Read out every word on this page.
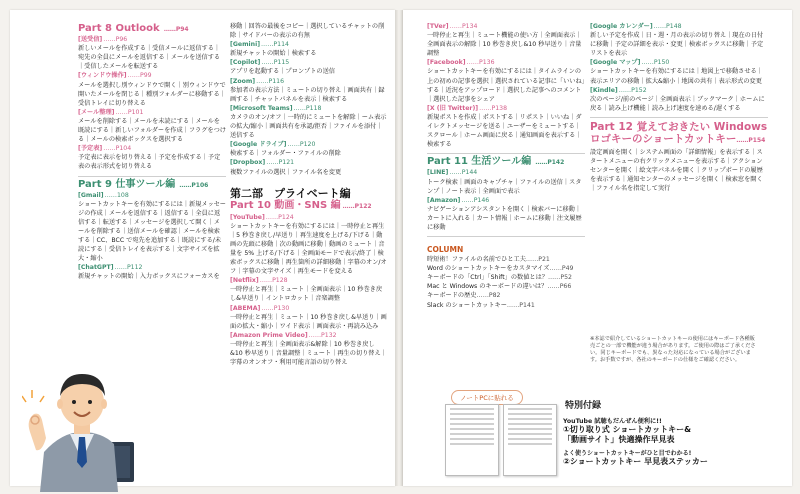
Part 8 Outlook ……P94
[送受信]……P96
新しいメールを作成する｜受信メールに返信する｜宛先の全員にメールを返信する｜メールを送信する｜受信したメールを転送する
[ウィンドウ操作]……P99
メールを選択し別ウィンドウで開く｜別ウィンドウで開いたメールを閉じる｜種別フォルダーに移動する｜受信トレイに切り替える
[メール整理]……P101
メールを削除する｜メールを未読にする｜メールを既読にする｜新しいフォルダーを作成｜フラグをつける｜メールの検索ボックスを選択する
[予定表]……P104
予定表に表示を切り替える｜予定を作成する｜予定表の表示形式を切り替える
Part 9 仕事ツール編 ……P106
[Gmail]……108
ショートカットキーを有効にするには｜新規メッセージの作成｜メールを返信する｜返信する｜全員に返信する｜転送する｜メッセージを選択して開く｜メールを削除する｜送信メールを確認｜メールを検索する｜CC、BCC で宛先を追加する｜既読にする/未読にする｜受信トレイを表示する｜文字サイズを拡大・縮小
[ChatGPT]……P112
新規チャットの開始｜入力ボックスにフォーカスを
移動｜回答の最後をコピー｜選択しているチャットの削除｜サイドバーの表示の有無
[Gemini]……P114
新規チャットの開始｜検索する
[Copilot]……P115
アプリを起動する｜プロンプトの送信
[Zoom]……P116
参加者の表示方法｜ミュートの切り替え｜画面共有｜録画する｜チャットパネルを表示｜検索する
[Microsoft Teams]……P118
カメラのオン/オフ｜一時的にミュートを解除｜ーム表示の拡大/縮小｜画面共有を承認/拒否｜ファイルを添付｜送信する
[Google ドライブ]……P120
検索する｜フォルダー・ファイルの削除
[Dropbox]……P121
複数ファイルの選択｜ファイル名を変更
第二部　プライベート編
Part 10 動画・SNS 編 ……P122
[YouTube]……P124
ショートカットキーを有効にするには｜一時停止と再生｜5 秒巻き戻し/早送り｜再生速度を上げる/下げる｜動画の先頭に移動｜次の動画に移動｜動画のミュート｜音量を 5% 上げる/下げる｜全画面モードで表示/終了｜検索ボックスに移動｜再生箇所の詳細移動｜字幕のオン/オフ｜字幕の文字サイズ｜再生モードを変える
[Netflix]……P128
一時停止と再生｜ミュート｜全画面表示｜10 秒巻き戻し&早送り｜イントロカット｜音楽調整
[ABEMA]……P130
一時停止と再生｜ミュート｜10 秒巻き戻し&早送り｜画面の拡大・縮小｜ワイド表示｜画面表示・再読み込み
[Amazon Prime Video]……P132
一時停止と再生｜全画面表示&解除｜10 秒巻き戻し&10 秒早送り｜音量調整｜ミュート｜再生の切り替え｜字幕のオンオフ・利用可能言語の切り替え
[TVer]……P134
一時停止と再生｜ミュート機能の使い方｜全画面表示｜全画面表示の解除｜10 秒巻き戻し&10 秒早送り｜音量調整
[Facebook]……P136
ショートカットキーを有効にするには｜タイムラインの上の初めの記事を選択｜選択されている記事に「いいね」する｜近況をアップロード｜選択した記事へのコメント｜選択した記事をシェア
[X (旧 Twitter)]……P138
新規ポストを作成｜ポストする｜リポスト｜いいね｜ダイレクトメッセージを送る｜ユーザーをミュートする｜スクロール｜ホーム画面に戻る｜通知画面を表示する｜検索する
Part 11 生活ツール編 ……P142
[LINE]……P144
トーク検索｜画面のキャプチャ｜ファイルの送信｜スタンプ｜ノート表示｜全画面で表示
[Amazon]……P146
ナビゲーションアシスタントを開く｜検索バーに移動｜カートに入れる｜カート情報｜ホームに移動｜注文履歴に移動
COLUMN
時短術！ファイルの名前でひと工夫……P21
Word のショートカットキーをカスタマイズ……P49
キーボードの「Ctrl」「Shift」の数値とは？……P52
Mac と Windows のキーボードの違いは？……P66
キーボードの歴史……P82
Slack のショートカットキー……P141
[Google カレンダー]……P148
新しい予定を作成｜日・週・月の表示の切り替え｜現在の日付に移動｜予定の詳細を表示・変更｜検索ボックスに移動｜予定リストを表示
[Google マップ]……P150
ショートカットキーを有効にするには｜地図上で移動させる｜表示エリアの移動｜拡大&縮小｜地図の共有｜表示形式の変更
[Kindle]……P152
次のページ/前のページ｜全画面表示｜ブックマーク｜ホームに戻る｜読み上げ機能｜読み上げ速度を速める/遅くする
Part 12 覚えておきたい Windows ロゴキーのショートカットキー……P154
設定画面を開く｜システム画面の「詳細情報」を表示する｜スタートメニューの右クリックメニューを表示する｜アクションセンターを開く｜絵文字パネルを開く｜クリップボードの履歴を表示する｜通知センターのメッセージを開く｜検索窓を開く｜ファイル名を指定して実行
※本誌で紹介しているショートカットキーの使用にはキーボード各種販売ごとの一部で機能が違う場合があります。ご使用の際はご了承ください。同じキーボードでも、異なった対応になっている場合がございます。お手数ですが、各社のキーボードの仕様をご確認ください。
ノートPCに貼れる
特別付録
YouTube 試聴もだんぜん便利に!!
①切り取り式 ショートカットキー&
「動画サイト」快適操作早見表
よく使うショートカットキーがひと目でわかる!
②ショートカットキー 早見表ステッカー
